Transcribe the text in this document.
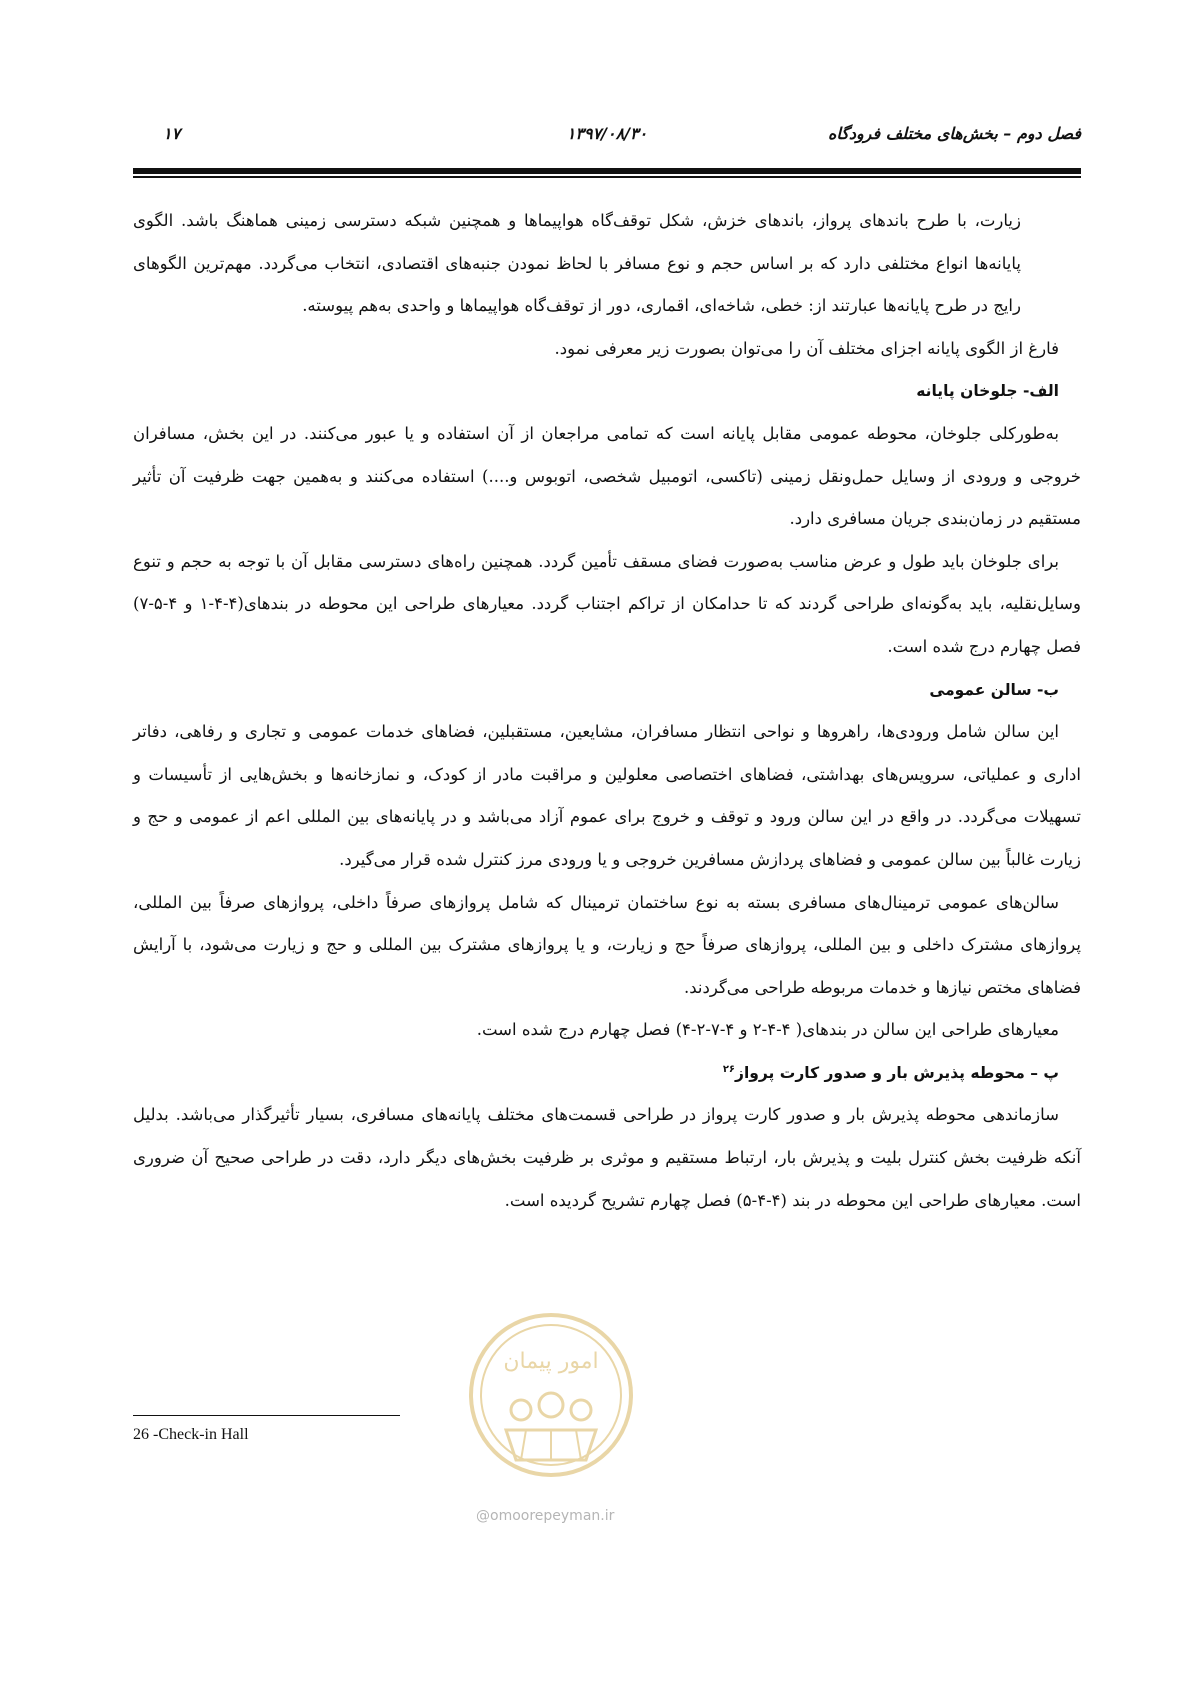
۱۷	۱۳۹۷/۰۸/۳۰	فصل دوم – بخش‌های مختلف فرودگاه

زیارت، با طرح باندهای پرواز، باندهای خزش، شکل توقف‌گاه هواپیماها و همچنین شبکه دسترسی زمینی هماهنگ باشد. الگوی پایانه‌ها انواع مختلفی دارد که بر اساس حجم و نوع مسافر با لحاظ نمودن جنبه‌های اقتصادی، انتخاب می‌گردد. مهم‌ترین الگوهای رایج در طرح پایانه‌ها عبارتند از: خطی، شاخه‌ای، اقماری، دور از توقف‌گاه هواپیماها و واحدی به‌هم پیوسته.

فارغ از الگوی پایانه اجزای مختلف آن را می‌توان بصورت زیر معرفی نمود.

الف- جلوخان پایانه

به‌طورکلی جلوخان، محوطه عمومی مقابل پایانه است که تمامی مراجعان از آن استفاده و یا عبور می‌کنند. در این بخش، مسافران خروجی و ورودی از وسایل حمل‌ونقل زمینی (تاکسی، اتومبیل شخصی، اتوبوس و....) استفاده می‌کنند و به‌همین جهت ظرفیت آن تأثیر مستقیم در زمان‌بندی جریان مسافری دارد.

برای جلوخان باید طول و عرض مناسب به‌صورت فضای مسقف تأمین گردد. همچنین راه‌های دسترسی مقابل آن با توجه به حجم و تنوع وسایل‌نقلیه، باید به‌گونه‌ای طراحی گردند که تا حدامکان از تراکم اجتناب گردد. معیارهای طراحی این محوطه در بندهای(۴-۴-۱ و ۴-۵-۷) فصل چهارم درج شده است.

ب- سالن عمومی

این سالن شامل ورودی‌ها، راهروها و نواحی انتظار مسافران، مشایعین، مستقبلین، فضاهای خدمات عمومی و تجاری و رفاهی، دفاتر اداری و عملیاتی، سرویس‌های بهداشتی، فضاهای اختصاصی معلولین و مراقبت مادر از کودک، و نمازخانه‌ها و بخش‌هایی از تأسیسات و تسهیلات می‌گردد. در واقع در این سالن ورود و توقف و خروج برای عموم آزاد می‌باشد و در پایانه‌های بین المللی اعم از عمومی و حج و زیارت غالباً بین سالن عمومی و فضاهای پردازش مسافرین خروجی و یا ورودی مرز کنترل شده قرار می‌گیرد.

سالن‌های عمومی ترمینال‌های مسافری بسته به نوع ساختمان ترمینال که شامل پروازهای صرفاً داخلی، پروازهای صرفاً بین المللی، پروازهای مشترک داخلی و بین المللی، پروازهای صرفاً حج و زیارت، و یا پروازهای مشترک بین المللی و حج و زیارت می‌شود، با آرایش فضاهای مختص نیازها و خدمات مربوطه طراحی می‌گردند.

معیارهای طراحی این سالن در بندهای( ۴-۴-۲ و ۴-۷-۲-۴) فصل چهارم درج شده است.

پ – محوطه پذیرش بار و صدور کارت پرواز$^{۲۶}$

سازماندهی محوطه پذیرش بار و صدور کارت پرواز در طراحی قسمت‌های مختلف پایانه‌های مسافری، بسیار تأثیرگذار می‌باشد. بدلیل آنکه ظرفیت بخش کنترل بلیت و پذیرش بار، ارتباط مستقیم و موثری بر ظرفیت بخش‌های دیگر دارد، دقت در طراحی صحیح آن ضروری است. معیارهای طراحی این محوطه در بند (۴-۴-۵) فصل چهارم تشریح گردیده است.

امور پیمان
@omoorepeyman.ir
26 -Check-in Hall
